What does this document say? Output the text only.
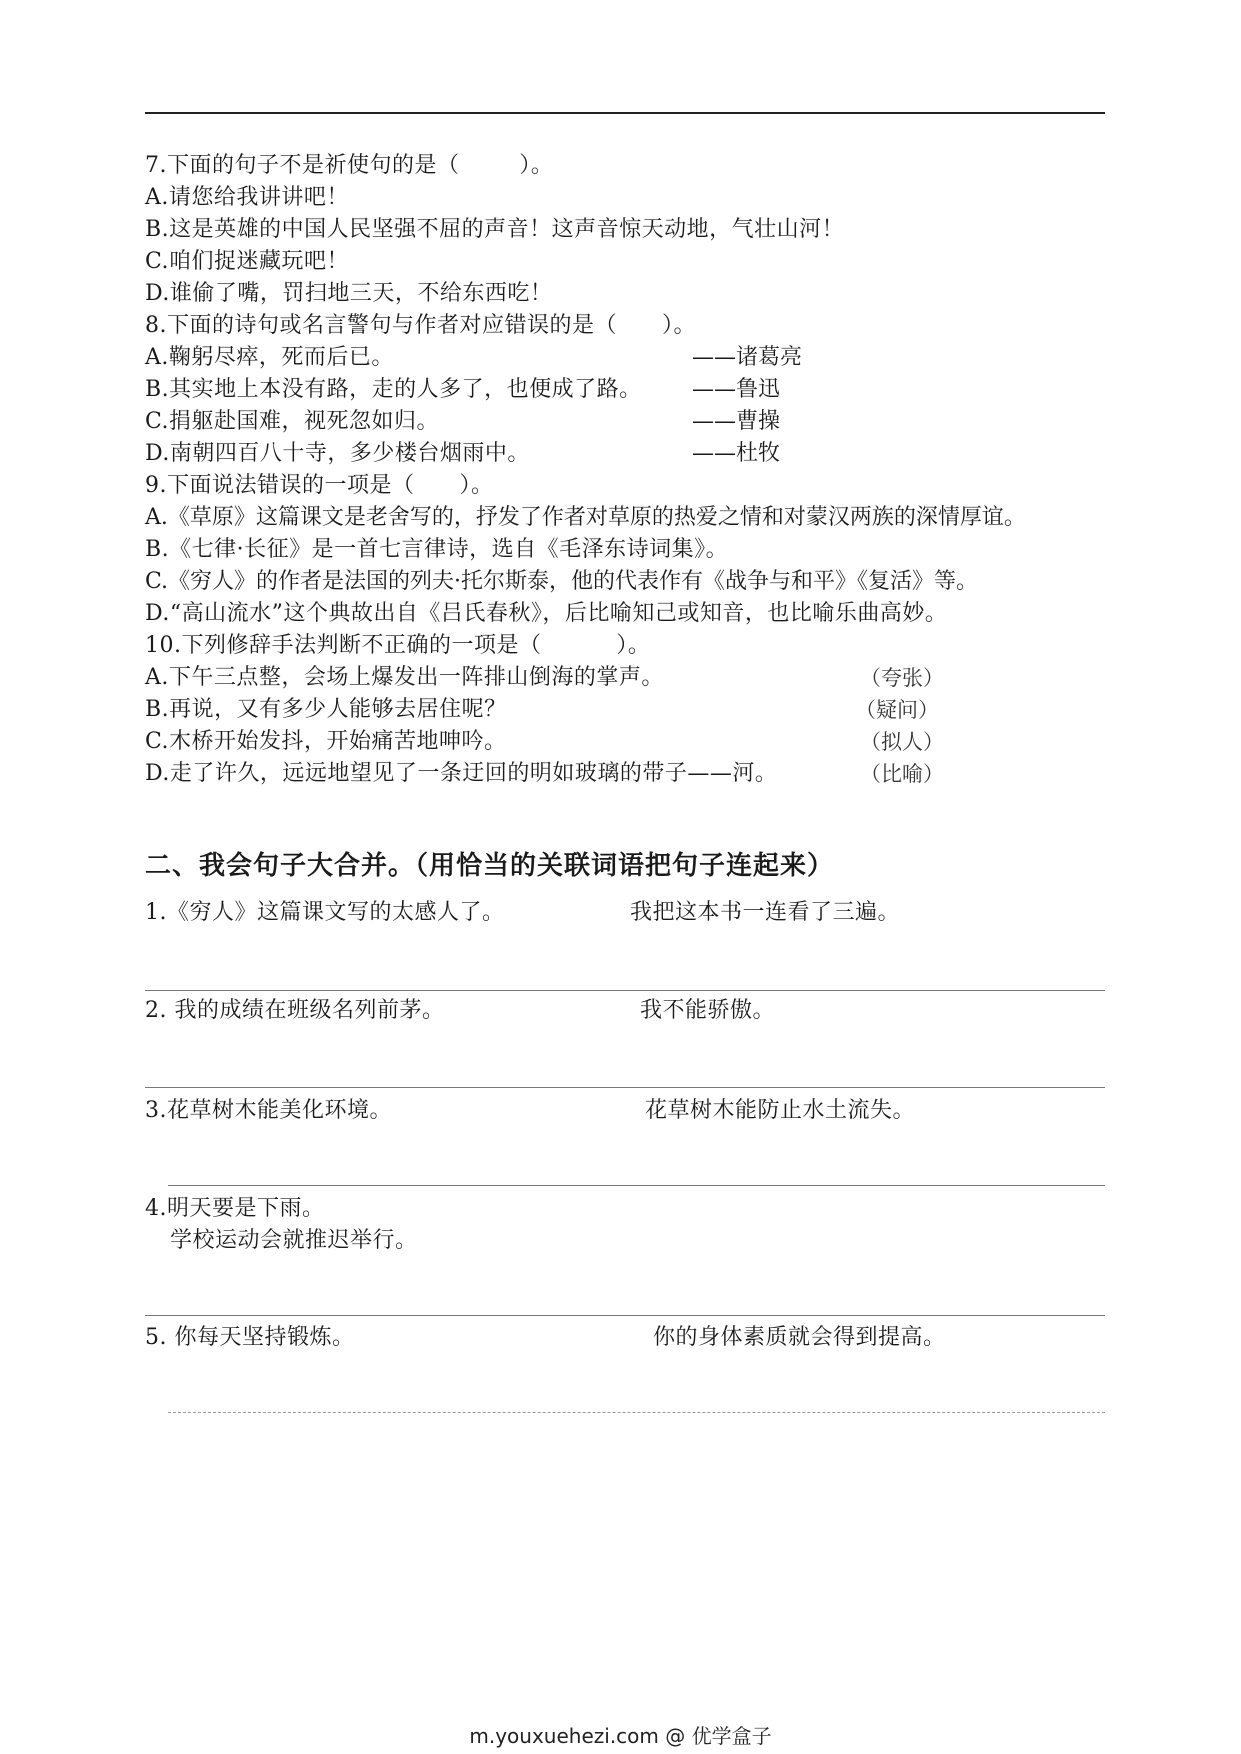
7.下面的句子不是祈使句的是（        ）。
A.请您给我讲讲吧！
B.这是英雄的中国人民坚强不屈的声音！这声音惊天动地，气壮山河！
C.咱们捉迷藏玩吧！
D.谁偷了嘴，罚扫地三天，不给东西吃！
8.下面的诗句或名言警句与作者对应错误的是（      ）。
A.鞠躬尽瘁，死而后已。	——诸葛亮
B.其实地上本没有路，走的人多了，也便成了路。 ——鲁迅
C.捐躯赴国难，视死忽如归。	——曹操
D.南朝四百八十寺，多少楼台烟雨中。	——杜牧
9.下面说法错误的一项是（      ）。
A.《草原》这篇课文是老舍写的，抒发了作者对草原的热爱之情和对蒙汉两族的深情厚谊。
B.《七律·长征》是一首七言律诗，选自《毛泽东诗词集》。
C.《穷人》的作者是法国的列夫·托尔斯泰，他的代表作有《战争与和平》《复活》等。
D.“高山流水”这个典故出自《吕氏春秋》，后比喻知己或知音，也比喻乐曲高妙。
10.下列修辞手法判断不正确的一项是（          ）。
A.下午三点整，会场上爆发出一阵排山倒海的掌声。	（夸张）
B.再说，又有多少人能够去居住呢？	（疑问）
C.木桥开始发抖，开始痛苦地呻吟。	（拟人）
D.走了许久，远远地望见了一条迂回的明如玻璃的带子——河。	（比喻）
二、我会句子大合并。（用恰当的关联词语把句子连起来）
1.《穷人》这篇课文写的太感人了。	我把这本书一连看了三遍。
2. 我的成绩在班级名列前茅。	我不能骄傲。
3.花草树木能美化环境。	花草树木能防止水土流失。
4.明天要是下雨。
学校运动会就推迟举行。
5. 你每天坚持锻炼。	你的身体素质就会得到提高。
m.youxuehezi.com @ 优学盒子
